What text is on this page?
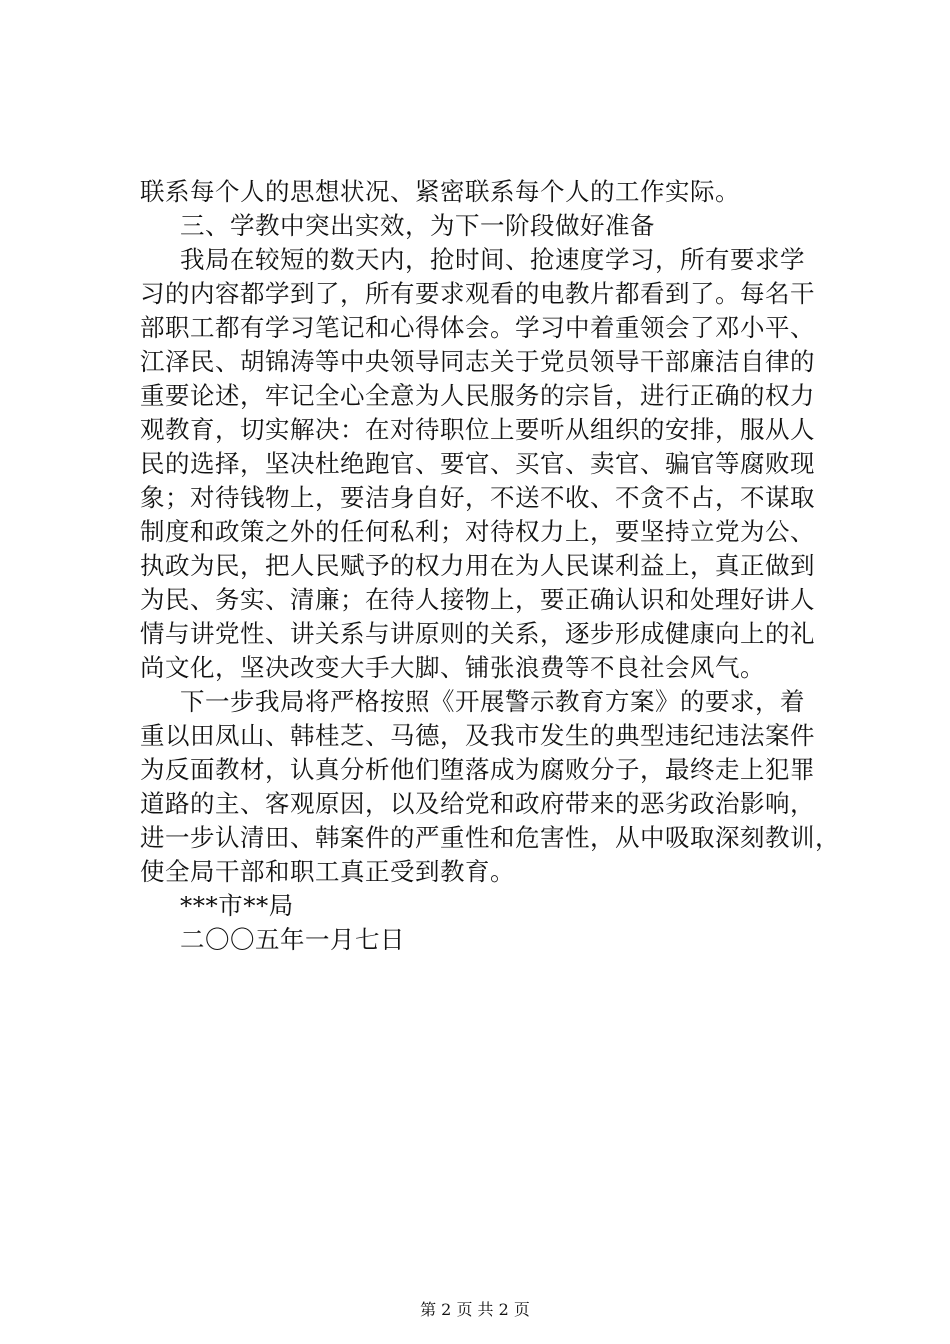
联系每个人的思想状况、紧密联系每个人的工作实际。
三、学教中突出实效，为下一阶段做好准备
我局在较短的数天内，抢时间、抢速度学习，所有要求学
习的内容都学到了，所有要求观看的电教片都看到了。每名干
部职工都有学习笔记和心得体会。学习中着重领会了邓小平、
江泽民、胡锦涛等中央领导同志关于党员领导干部廉洁自律的
重要论述，牢记全心全意为人民服务的宗旨，进行正确的权力
观教育，切实解决：在对待职位上要听从组织的安排，服从人
民的选择，坚决杜绝跑官、要官、买官、卖官、骗官等腐败现
象；对待钱物上，要洁身自好，不送不收、不贪不占，不谋取
制度和政策之外的任何私利；对待权力上，要坚持立党为公、
执政为民，把人民赋予的权力用在为人民谋利益上，真正做到
为民、务实、清廉；在待人接物上，要正确认识和处理好讲人
情与讲党性、讲关系与讲原则的关系，逐步形成健康向上的礼
尚文化，坚决改变大手大脚、铺张浪费等不良社会风气。
下一步我局将严格按照《开展警示教育方案》的要求，着
重以田凤山、韩桂芝、马德，及我市发生的典型违纪违法案件
为反面教材，认真分析他们堕落成为腐败分子，最终走上犯罪
道路的主、客观原因，以及给党和政府带来的恶劣政治影响，
进一步认清田、韩案件的严重性和危害性，从中吸取深刻教训，
使全局干部和职工真正受到教育。
***市**局
二〇〇五年一月七日
第 2 页 共 2 页
